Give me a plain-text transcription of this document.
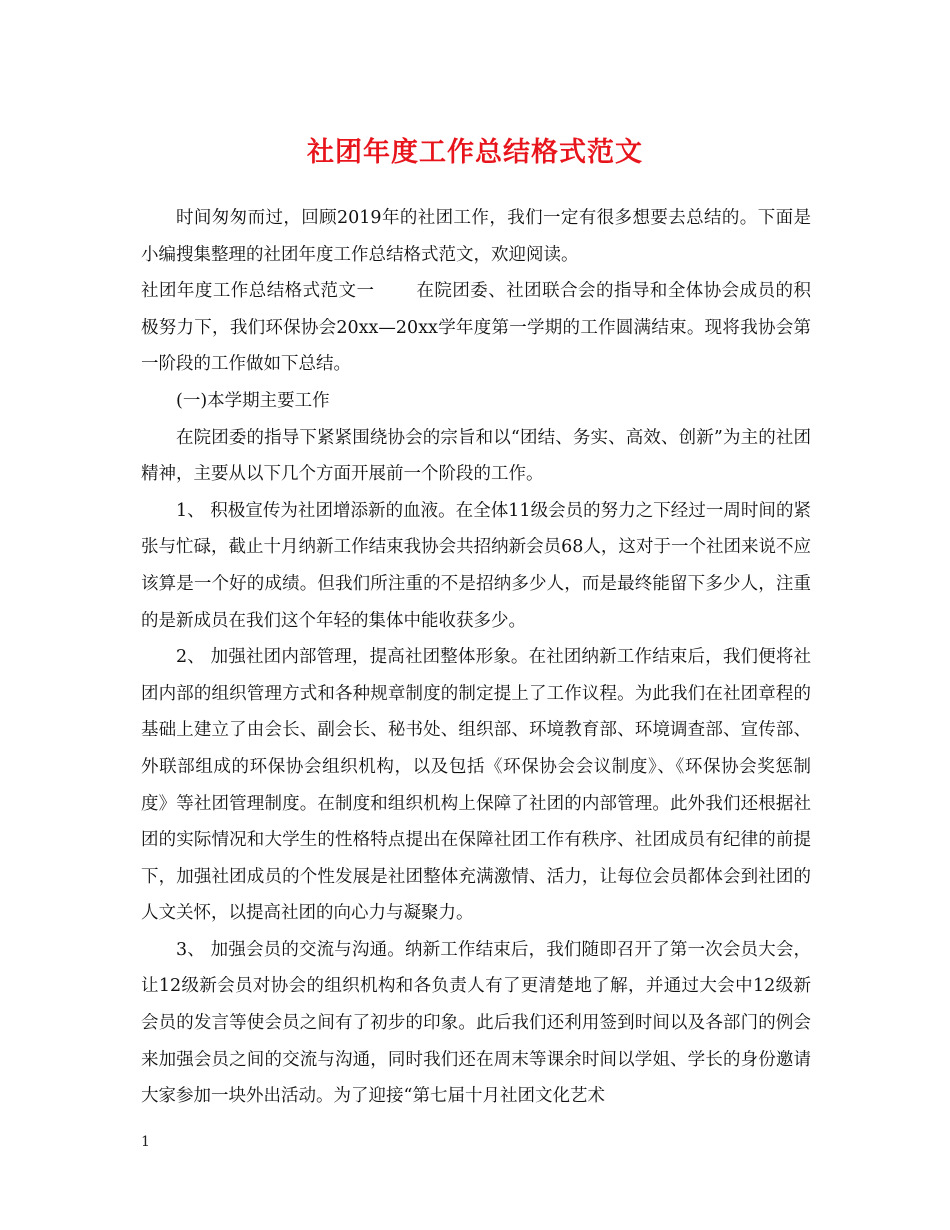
社团年度工作总结格式范文

时间匆匆而过，回顾2019年的社团工作，我们一定有很多想要去总结的。下面是小编搜集整理的社团年度工作总结格式范文，欢迎阅读。

社团年度工作总结格式范文一 在院团委、社团联合会的指导和全体协会成员的积极努力下，我们环保协会20xx—20xx学年度第一学期的工作圆满结束。现将我协会第一阶段的工作做如下总结。

(一)本学期主要工作

在院团委的指导下紧紧围绕协会的宗旨和以“团结、务实、高效、创新”为主的社团精神，主要从以下几个方面开展前一个阶段的工作。

1、 积极宣传为社团增添新的血液。在全体11级会员的努力之下经过一周时间的紧张与忙碌，截止十月纳新工作结束我协会共招纳新会员68人，这对于一个社团来说不应该算是一个好的成绩。但我们所注重的不是招纳多少人，而是最终能留下多少人，注重的是新成员在我们这个年轻的集体中能收获多少。

2、 加强社团内部管理，提高社团整体形象。在社团纳新工作结束后，我们便将社团内部的组织管理方式和各种规章制度的制定提上了工作议程。为此我们在社团章程的基础上建立了由会长、副会长、秘书处、组织部、环境教育部、环境调查部、宣传部、外联部组成的环保协会组织机构，以及包括《环保协会会议制度》、《环保协会奖惩制度》等社团管理制度。在制度和组织机构上保障了社团的内部管理。此外我们还根据社团的实际情况和大学生的性格特点提出在保障社团工作有秩序、社团成员有纪律的前提下，加强社团成员的个性发展是社团整体充满激情、活力，让每位会员都体会到社团的人文关怀，以提高社团的向心力与凝聚力。

3、 加强会员的交流与沟通。纳新工作结束后，我们随即召开了第一次会员大会，让12级新会员对协会的组织机构和各负责人有了更清楚地了解，并通过大会中12级新会员的发言等使会员之间有了初步的印象。此后我们还利用签到时间以及各部门的例会来加强会员之间的交流与沟通，同时我们还在周末等课余时间以学姐、学长的身份邀请大家参加一块外出活动。为了迎接“第七届十月社团文化艺术

1
